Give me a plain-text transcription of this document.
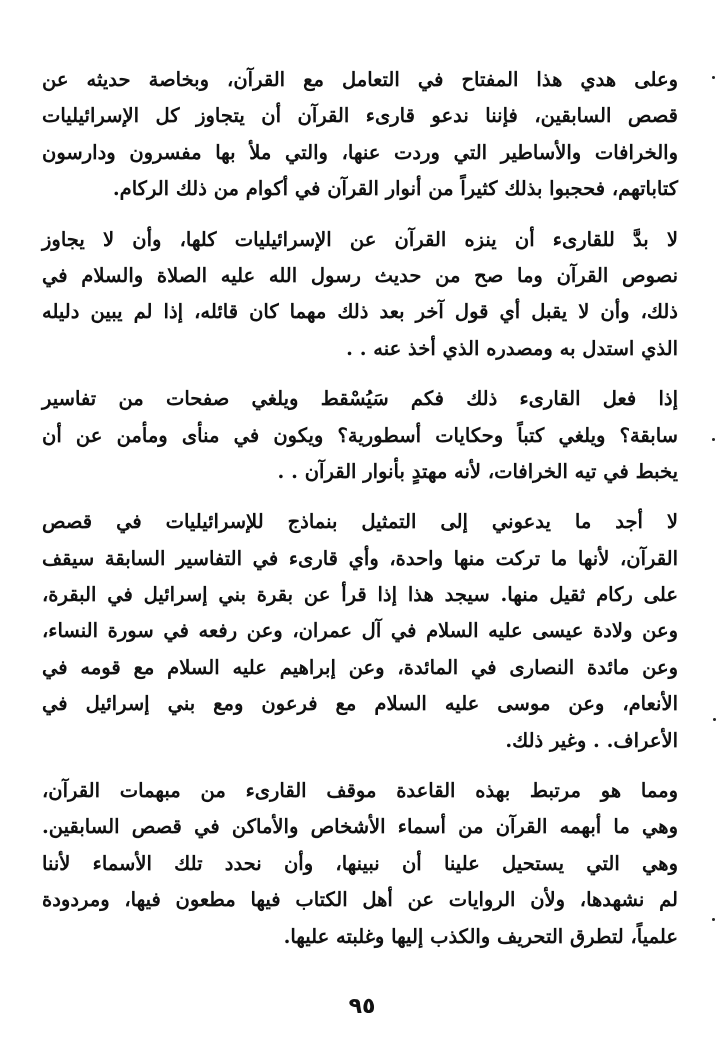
وعلى هدي هذا المفتاح في التعامل مع القرآن، وبخاصة حديثه عن
قصص السابقين، فإننا ندعو قارىء القرآن أن يتجاوز كل الإسرائيليات
والخرافات والأساطير التي وردت عنها، والتي ملأ بها مفسرون ودارسون
كتاباتهم، فحجبوا بذلك كثيراً من أنوار القرآن في أكوام من ذلك الركام.
لا بدَّ للقارىء أن ينزه القرآن عن الإسرائيليات كلها، وأن لا يجاوز
نصوص القرآن وما صح من حديث رسول الله عليه الصلاة والسلام في
ذلك، وأن لا يقبل أي قول آخر بعد ذلك مهما كان قائله، إذا لم يبين دليله
الذي استدل به ومصدره الذي أخذ عنه . .
إذا فعل القارىء ذلك فكم سَيُسْقط ويلغي صفحات من تفاسير
سابقة؟ ويلغي كتباً وحكايات أسطورية؟ ويكون في منأى ومأمن عن أن
يخبط في تيه الخرافات، لأنه مهتدٍ بأنوار القرآن . .
لا أجد ما يدعوني إلى التمثيل بنماذج للإسرائيليات في قصص
القرآن، لأنها ما تركت منها واحدة، وأي قارىء في التفاسير السابقة سيقف
على ركام ثقيل منها. سيجد هذا إذا قرأ عن بقرة بني إسرائيل في البقرة،
وعن ولادة عيسى عليه السلام في آل عمران، وعن رفعه في سورة النساء،
وعن مائدة النصارى في المائدة، وعن إبراهيم عليه السلام مع قومه في
الأنعام، وعن موسى عليه السلام مع فرعون ومع بني إسرائيل في
الأعراف. . وغير ذلك.
ومما هو مرتبط بهذه القاعدة موقف القارىء من مبهمات القرآن،
وهي ما أبهمه القرآن من أسماء الأشخاص والأماكن في قصص السابقين.
وهي التي يستحيل علينا أن نبينها، وأن نحدد تلك الأسماء لأننا
لم نشهدها، ولأن الروايات عن أهل الكتاب فيها مطعون فيها، ومردودة
علمياً، لتطرق التحريف والكذب إليها وغلبته عليها.
٩٥
